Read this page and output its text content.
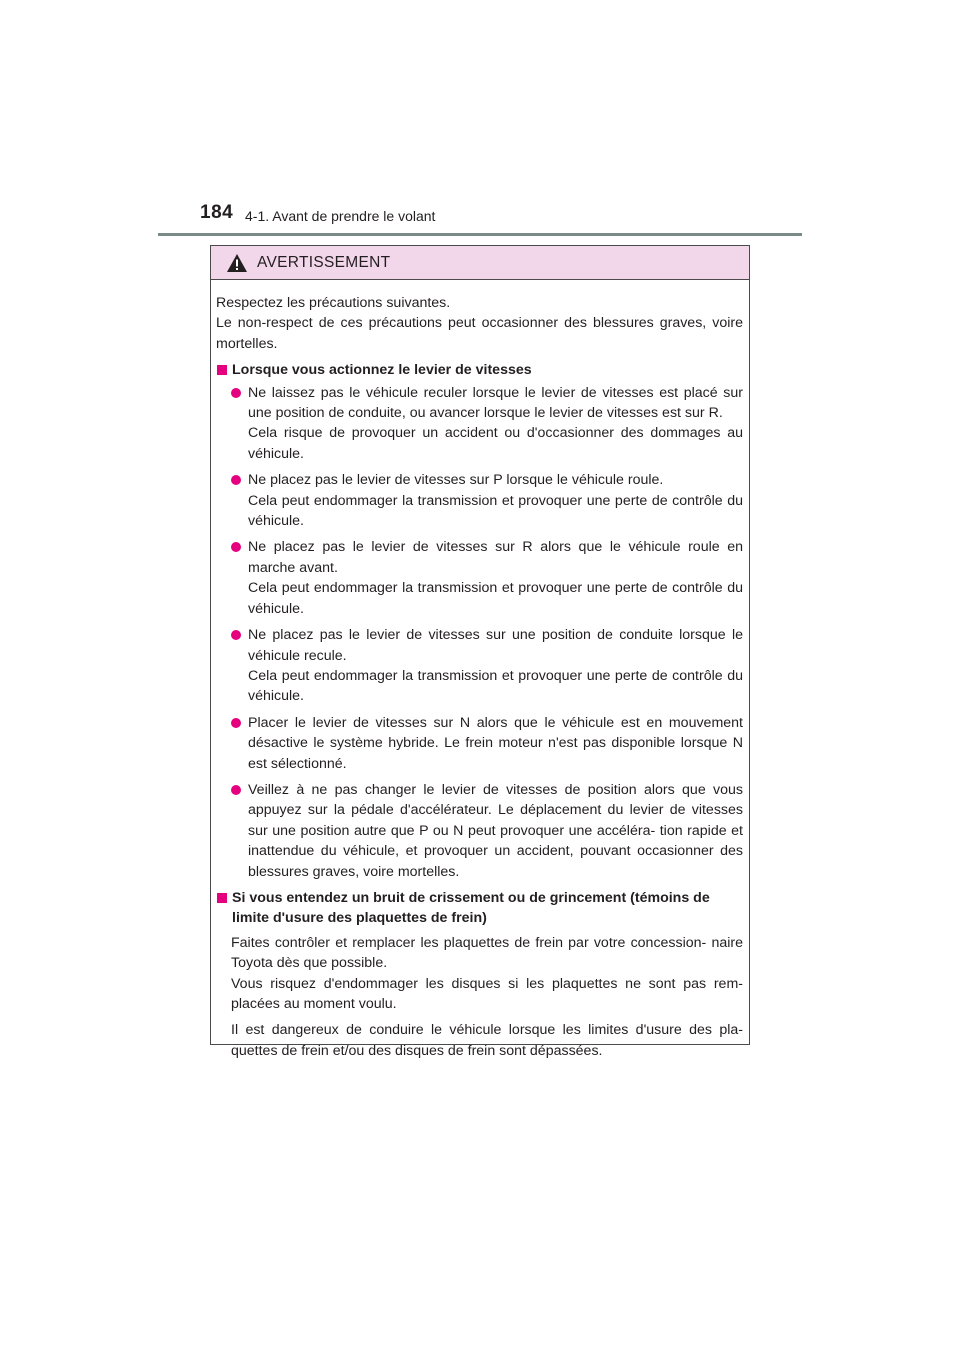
184 4-1. Avant de prendre le volant
AVERTISSEMENT

Respectez les précautions suivantes.

Le non-respect de ces précautions peut occasionner des blessures graves, voire mortelles.

Lorsque vous actionnez le levier de vitesses

Ne laissez pas le véhicule reculer lorsque le levier de vitesses est placé sur une position de conduite, ou avancer lorsque le levier de vitesses est sur R.

Cela risque de provoquer un accident ou d'occasionner des dommages au véhicule.

Ne placez pas le levier de vitesses sur P lorsque le véhicule roule.

Cela peut endommager la transmission et provoquer une perte de contrôle du véhicule.

Ne placez pas le levier de vitesses sur R alors que le véhicule roule en marche avant.

Cela peut endommager la transmission et provoquer une perte de contrôle du véhicule.

Ne placez pas le levier de vitesses sur une position de conduite lorsque le véhicule recule.

Cela peut endommager la transmission et provoquer une perte de contrôle du véhicule.

Placer le levier de vitesses sur N alors que le véhicule est en mouvement désactive le système hybride. Le frein moteur n'est pas disponible lorsque N est sélectionné.

Veillez à ne pas changer le levier de vitesses de position alors que vous appuyez sur la pédale d'accélérateur. Le déplacement du levier de vitesses sur une position autre que P ou N peut provoquer une accéléra- tion rapide et inattendue du véhicule, et provoquer un accident, pouvant occasionner des blessures graves, voire mortelles.

Si vous entendez un bruit de crissement ou de grincement (témoins de limite d'usure des plaquettes de frein)

Faites contrôler et remplacer les plaquettes de frein par votre concession- naire Toyota dès que possible.

Vous risquez d'endommager les disques si les plaquettes ne sont pas rem- placées au moment voulu.

Il est dangereux de conduire le véhicule lorsque les limites d'usure des pla- quettes de frein et/ou des disques de frein sont dépassées.
